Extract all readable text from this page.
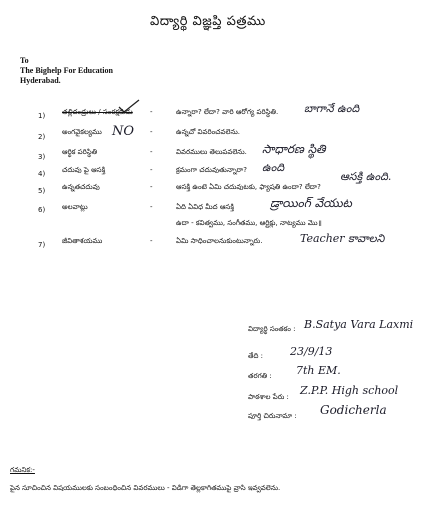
విద్యార్థి విజ్ఞప్తి పత్రము
To
The Bighelp For Education
Hyderabad.
1) తల్లిదండ్రులు / సంరక్షకుడు -	ఉన్నారా? లేదా? వారి ఆరోగ్య పరిస్థితి. బాగానే ఉంది
2)
అంగవైకల్యము NO -	ఉన్నచో వివరించవలెను.
3)
ఆర్థిక పరిస్థితి	-	వివరములు తెలుపవలెను. సాధారణ స్థితి
4) చదువు పై ఆసక్తి	-	క్రమంగా చదువుతున్నారా? ఉంది
5) ఉన్నతచదువు	-	ఆసక్తి ఉంటె ఏమి చదువుటకు, ఫ్యాషతి ఉందా? లేదా?
ఆసక్తి ఉంది.
6) అలవాట్లు	-	ఏది ఏవిధ మీద ఆసక్తి	డ్రాయింగ్ వేయుట
ఉదా - కవిత్వము, సంగీతము, ఆర్టిక్లు, నాట్యము మొ॥
7) జీవితాశయము	-	ఏమి సాధించాలనుకుంటున్నారు.	Teacher కావాలని
విద్యార్థి సంతకం : B.Satya Vara Laxmi
తేది : 23/9/13
తరగతి : 7th EM.
పాఠశాల పేరు : Z.P.P. High school
పూర్తి చిరునామా : Godicherla
గమనిక:-
పైన సూచించిన విషయములకు సంబంధించిన వివరములు - విడిగా తెల్లకాగితముపై వ్రాసి ఇవ్వవలెను.
